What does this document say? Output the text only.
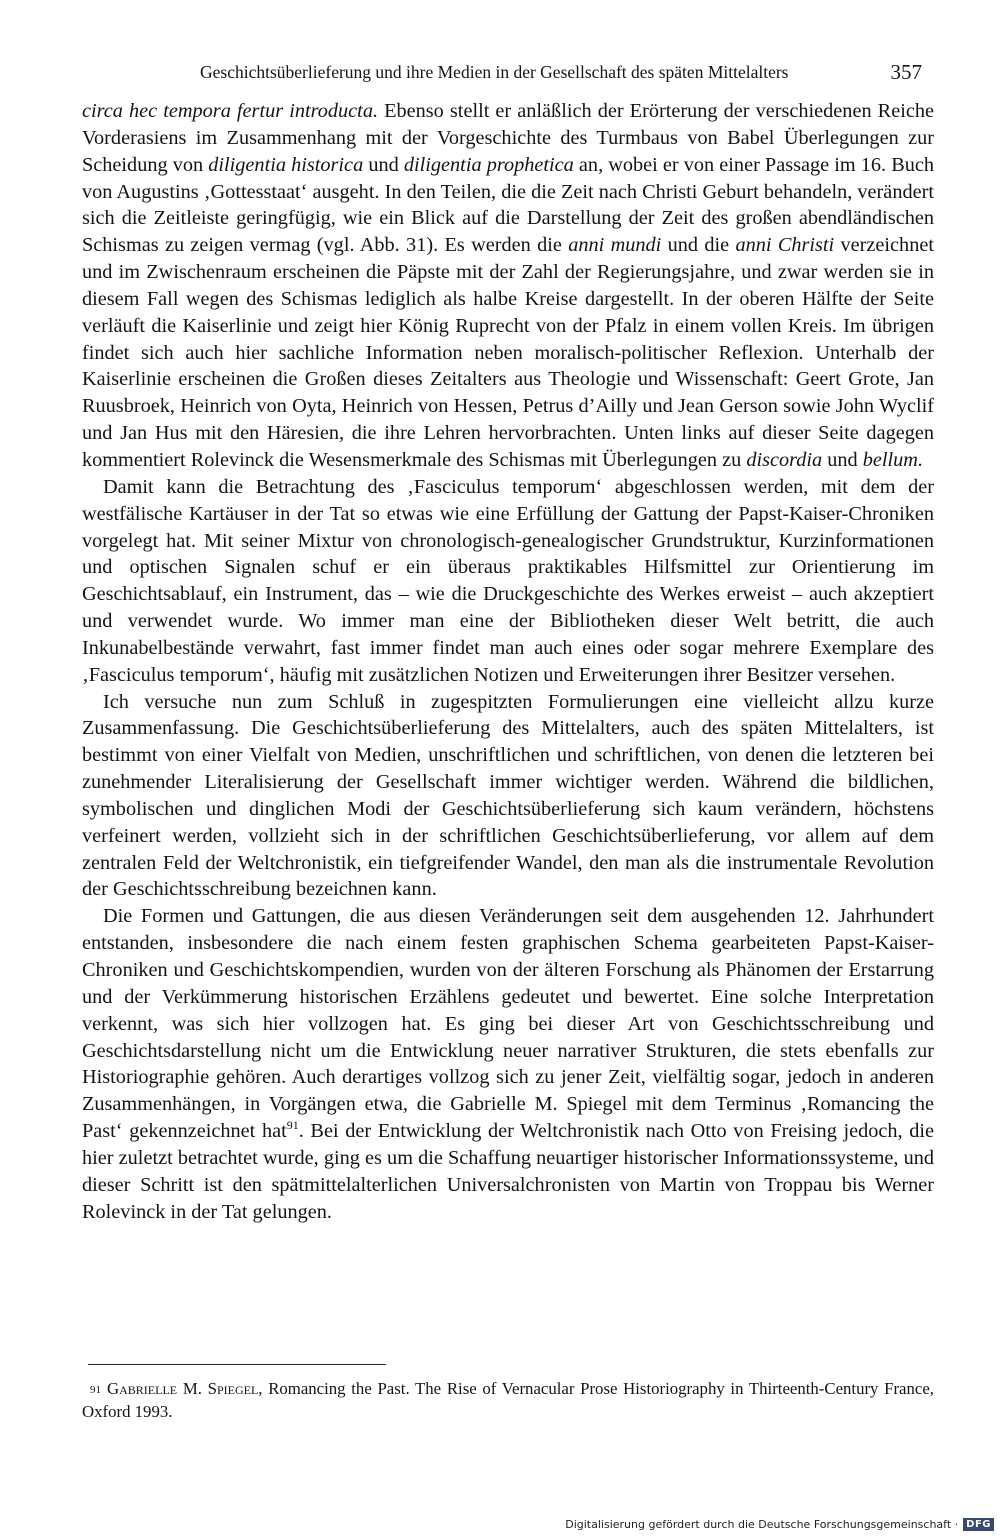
Geschichtsüberlieferung und ihre Medien in der Gesellschaft des späten Mittelalters	357

circa hec tempora fertur introducta. Ebenso stellt er anläßlich der Erörterung der verschiedenen Reiche Vorderasiens im Zusammenhang mit der Vorgeschichte des Turmbaus von Babel Überlegungen zur Scheidung von diligentia historica und diligentia prophetica an, wobei er von einer Passage im 16. Buch von Augustins ‚Gottesstaat‘ ausgeht. In den Teilen, die die Zeit nach Christi Geburt behandeln, verändert sich die Zeitleiste geringfügig, wie ein Blick auf die Darstellung der Zeit des großen abendländischen Schismas zu zeigen vermag (vgl. Abb. 31). Es werden die anni mundi und die anni Christi verzeichnet und im Zwischenraum erscheinen die Päpste mit der Zahl der Regierungsjahre, und zwar werden sie in diesem Fall wegen des Schismas lediglich als halbe Kreise dargestellt. In der oberen Hälfte der Seite verläuft die Kaiserlinie und zeigt hier König Ruprecht von der Pfalz in einem vollen Kreis. Im übrigen findet sich auch hier sachliche Information neben moralisch-politischer Reflexion. Unterhalb der Kaiserlinie erscheinen die Großen dieses Zeitalters aus Theologie und Wissenschaft: Geert Grote, Jan Ruusbroek, Heinrich von Oyta, Heinrich von Hessen, Petrus d’Ailly und Jean Gerson sowie John Wyclif und Jan Hus mit den Häresien, die ihre Lehren hervorbrachten. Unten links auf dieser Seite dagegen kommentiert Rolevinck die Wesensmerkmale des Schismas mit Überlegungen zu discordia und bellum.

Damit kann die Betrachtung des ‚Fasciculus temporum‘ abgeschlossen werden, mit dem der westfälische Kartäuser in der Tat so etwas wie eine Erfüllung der Gattung der Papst-Kaiser-Chroniken vorgelegt hat. Mit seiner Mixtur von chronologisch-genealogischer Grundstruktur, Kurzinformationen und optischen Signalen schuf er ein überaus praktikables Hilfsmittel zur Orientierung im Geschichtsablauf, ein Instrument, das – wie die Druckgeschichte des Werkes erweist – auch akzeptiert und verwendet wurde. Wo immer man eine der Bibliotheken dieser Welt betritt, die auch Inkunabelbestände verwahrt, fast immer findet man auch eines oder sogar mehrere Exemplare des ‚Fasciculus temporum‘, häufig mit zusätzlichen Notizen und Erweiterungen ihrer Besitzer versehen.

Ich versuche nun zum Schluß in zugespitzten Formulierungen eine vielleicht allzu kurze Zusammenfassung. Die Geschichtsüberlieferung des Mittelalters, auch des späten Mittelalters, ist bestimmt von einer Vielfalt von Medien, unschriftlichen und schriftlichen, von denen die letzteren bei zunehmender Literalisierung der Gesellschaft immer wichtiger werden. Während die bildlichen, symbolischen und dinglichen Modi der Geschichtsüberlieferung sich kaum verändern, höchstens verfeinert werden, vollzieht sich in der schriftlichen Geschichtsüberlieferung, vor allem auf dem zentralen Feld der Weltchronistik, ein tiefgreifender Wandel, den man als die instrumentale Revolution der Geschichtsschreibung bezeichnen kann.

Die Formen und Gattungen, die aus diesen Veränderungen seit dem ausgehenden 12. Jahrhundert entstanden, insbesondere die nach einem festen graphischen Schema gearbeiteten Papst-Kaiser-Chroniken und Geschichtskompendien, wurden von der älteren Forschung als Phänomen der Erstarrung und der Verkümmerung historischen Erzählens gedeutet und bewertet. Eine solche Interpretation verkennt, was sich hier vollzogen hat. Es ging bei dieser Art von Geschichtsschreibung und Geschichtsdarstellung nicht um die Entwicklung neuer narrativer Strukturen, die stets ebenfalls zur Historiographie gehören. Auch derartiges vollzog sich zu jener Zeit, vielfältig sogar, jedoch in anderen Zusammenhängen, in Vorgängen etwa, die Gabrielle M. Spiegel mit dem Terminus ‚Romancing the Past‘ gekennzeichnet hat$^{91}$. Bei der Entwicklung der Weltchronistik nach Otto von Freising jedoch, die hier zuletzt betrachtet wurde, ging es um die Schaffung neuartiger historischer Informationssysteme, und dieser Schritt ist den spätmittelalterlichen Universalchronisten von Martin von Troppau bis Werner Rolevinck in der Tat gelungen.

$^{91}$ Gabrielle M. Spiegel, Romancing the Past. The Rise of Vernacular Prose Historiography in Thirteenth-Century France, Oxford 1993.
Digitalisierung gefördert durch die Deutsche Forschungsgemeinschaft · DFG
